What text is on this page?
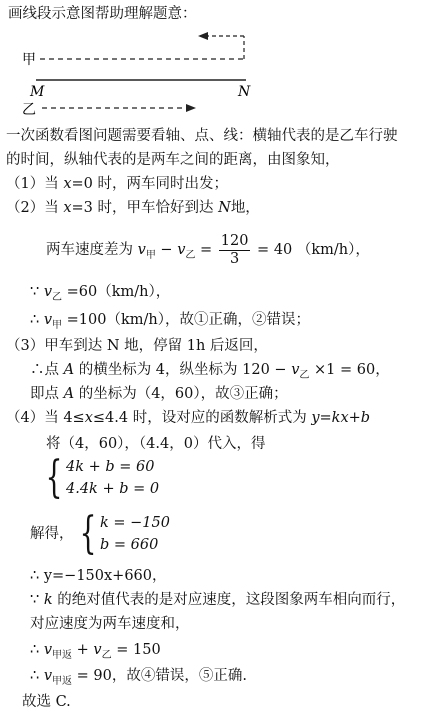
画线段示意图帮助理解题意：
甲
M	N
乙
一次函数看图问题需要看轴、点、线：横轴代表的是乙车行驶
的时间，纵轴代表的是两车之间的距离，由图象知，
（1）当 x=0 时，两车同时出发；
（2）当 x=3 时，甲车恰好到达 N地，
两车速度差为 $v_甲 - v_乙 = \frac{120}{3} = 40$ （km/h），
∵ $v_乙 =60(km/h)$，
∴ $v_甲 =100(km/h)$，故①正确，②错误；
（3）甲车到达 N 地，停留 1h 后返回，
∴点 A 的横坐标为 4，纵坐标为 $120 - v_乙 \times 1 = 60$，
即点 A 的坐标为（4，60），故③正确；
（4）当 4≤x≤4.4 时，设对应的函数解析式为 y=kx+b
将（4，60），（4.4，0）代入，得
{ 4k + b = 60
4.4k + b = 0
解得， { k = −150
b = 660
∴ y=−150x+660，
∵ k 的绝对值代表的是对应速度，这段图象两车相向而行，
对应速度为两车速度和，
∴ $v_{甲返} + v_乙 = 150$
∴ $v_{甲返} = 90$，故④错误，⑤正确.
故选 C.
